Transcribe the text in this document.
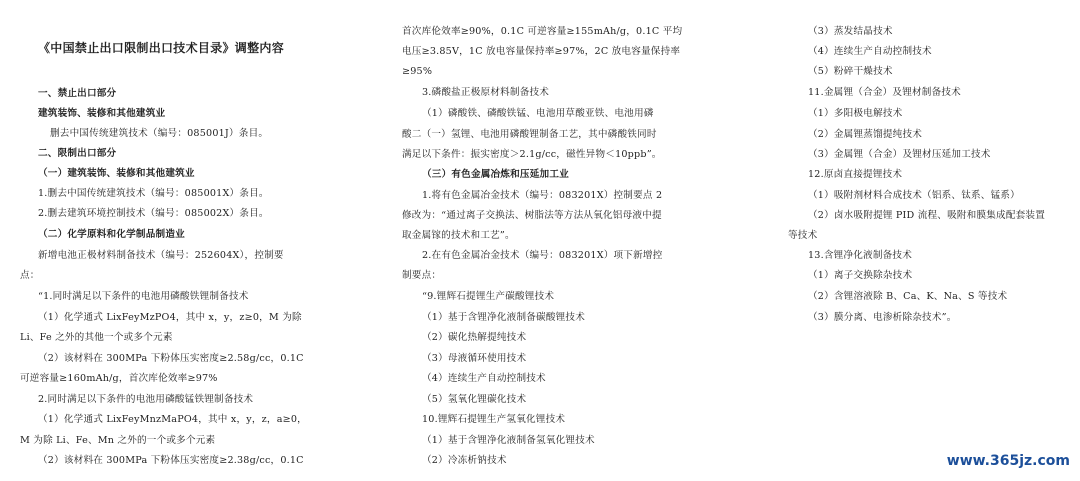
《中国禁止出口限制出口技术目录》调整内容
一、禁止出口部分
建筑装饰、装修和其他建筑业
删去中国传统建筑技术（编号：085001J）条目。
二、限制出口部分
（一）建筑装饰、装修和其他建筑业
1.删去中国传统建筑技术（编号：085001X）条目。
2.删去建筑环境控制技术（编号：085002X）条目。
（二）化学原料和化学制品制造业
新增电池正极材料制备技术（编号：252604X），控制要
点：
“1.同时满足以下条件的电池用磷酸铁锂制备技术
（1）化学通式 LixFeyMzPO4，其中 x，y，z≥0，M 为除
Li、Fe 之外的其他一个或多个元素
（2）该材料在 300MPa 下粉体压实密度≥2.58g/cc，0.1C
可逆容量≥160mAh/g，首次库伦效率≥97%
2.同时满足以下条件的电池用磷酸锰铁锂制备技术
（1）化学通式 LixFeyMnzMaPO4，其中 x，y，z，a≥0，
M 为除 Li、Fe、Mn 之外的一个或多个元素
（2）该材料在 300MPa 下粉体压实密度≥2.38g/cc，0.1C
首次库伦效率≥90%，0.1C 可逆容量≥155mAh/g，0.1C 平均
电压≥3.85V，1C 放电容量保持率≥97%，2C 放电容量保持率
≥95%
3.磷酸盐正极原材料制备技术
（1）磷酸铁、磷酸铁锰、电池用草酸亚铁、电池用磷
酸二（一）氢锂、电池用磷酸锂制备工艺，其中磷酸铁同时
满足以下条件：振实密度＞2.1g/cc，磁性异物＜10ppb”。
（三）有色金属冶炼和压延加工业
1.将有色金属冶金技术（编号：083201X）控制要点 2
修改为：“通过离子交换法、树脂法等方法从氧化铝母液中提
取金属镓的技术和工艺”。
2.在有色金属冶金技术（编号：083201X）项下新增控
制要点：
“9.锂辉石提锂生产碳酸锂技术
（1）基于含锂净化液制备碳酸锂技术
（2）碳化热解提纯技术
（3）母液循环使用技术
（4）连续生产自动控制技术
（5）氢氧化锂碳化技术
10.锂辉石提锂生产氢氧化锂技术
（1）基于含锂净化液制备氢氧化锂技术
（2）冷冻析钠技术
（3）蒸发结晶技术
（4）连续生产自动控制技术
（5）粉碎干燥技术
11.金属锂（合金）及锂材制备技术
（1）多阳极电解技术
（2）金属锂蒸馏提纯技术
（3）金属锂（合金）及锂材压延加工技术
12.原卤直接提锂技术
（1）吸附剂材料合成技术（铝系、钛系、锰系）
（2）卤水吸附提锂 PID 流程、吸附和膜集成配套装置
等技术
13.含锂净化液制备技术
（1）离子交换除杂技术
（2）含锂溶液除 B、Ca、K、Na、S 等技术
（3）膜分离、电渗析除杂技术”。
www.365jz.com
